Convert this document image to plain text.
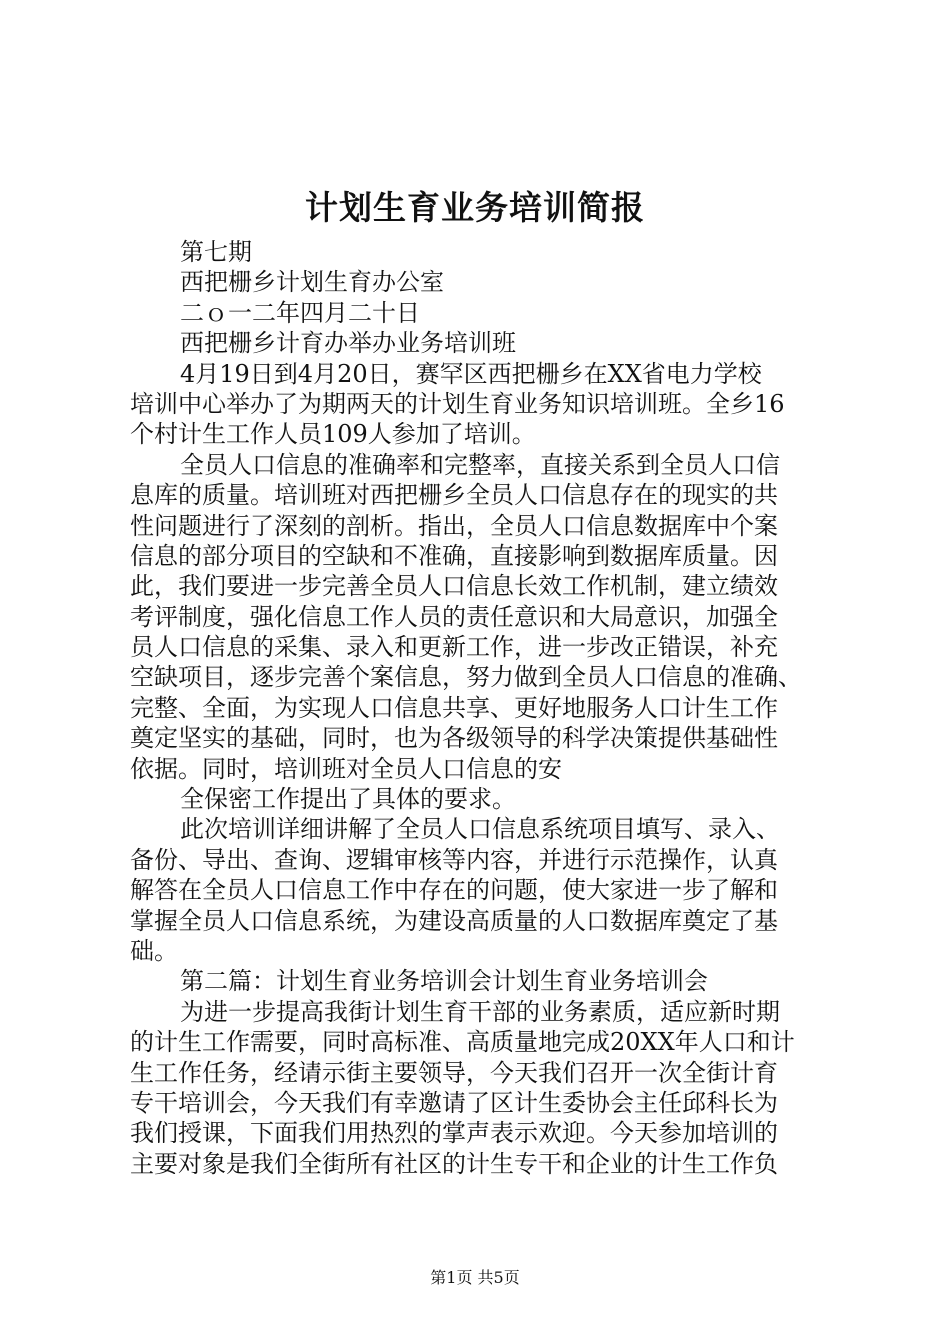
计划生育业务培训简报
第七期
西把栅乡计划生育办公室
二ｏ一二年四月二十日
西把栅乡计育办举办业务培训班
4月19日到4月20日，赛罕区西把栅乡在XX省电力学校
培训中心举办了为期两天的计划生育业务知识培训班。全乡16
个村计生工作人员109人参加了培训。
全员人口信息的准确率和完整率，直接关系到全员人口信
息库的质量。培训班对西把栅乡全员人口信息存在的现实的共
性问题进行了深刻的剖析。指出，全员人口信息数据库中个案
信息的部分项目的空缺和不准确，直接影响到数据库质量。因
此，我们要进一步完善全员人口信息长效工作机制，建立绩效
考评制度，强化信息工作人员的责任意识和大局意识，加强全
员人口信息的采集、录入和更新工作，进一步改正错误，补充
空缺项目，逐步完善个案信息，努力做到全员人口信息的准确、
完整、全面，为实现人口信息共享、更好地服务人口计生工作
奠定坚实的基础，同时，也为各级领导的科学决策提供基础性
依据。同时，培训班对全员人口信息的安
全保密工作提出了具体的要求。
此次培训详细讲解了全员人口信息系统项目填写、录入、
备份、导出、查询、逻辑审核等内容，并进行示范操作，认真
解答在全员人口信息工作中存在的问题，使大家进一步了解和
掌握全员人口信息系统，为建设高质量的人口数据库奠定了基
础。
第二篇：计划生育业务培训会计划生育业务培训会
为进一步提高我街计划生育干部的业务素质，适应新时期
的计生工作需要，同时高标准、高质量地完成20XX年人口和计
生工作任务，经请示街主要领导，今天我们召开一次全街计育
专干培训会，今天我们有幸邀请了区计生委协会主任邱科长为
我们授课，下面我们用热烈的掌声表示欢迎。今天参加培训的
主要对象是我们全街所有社区的计生专干和企业的计生工作负
第1页 共5页
